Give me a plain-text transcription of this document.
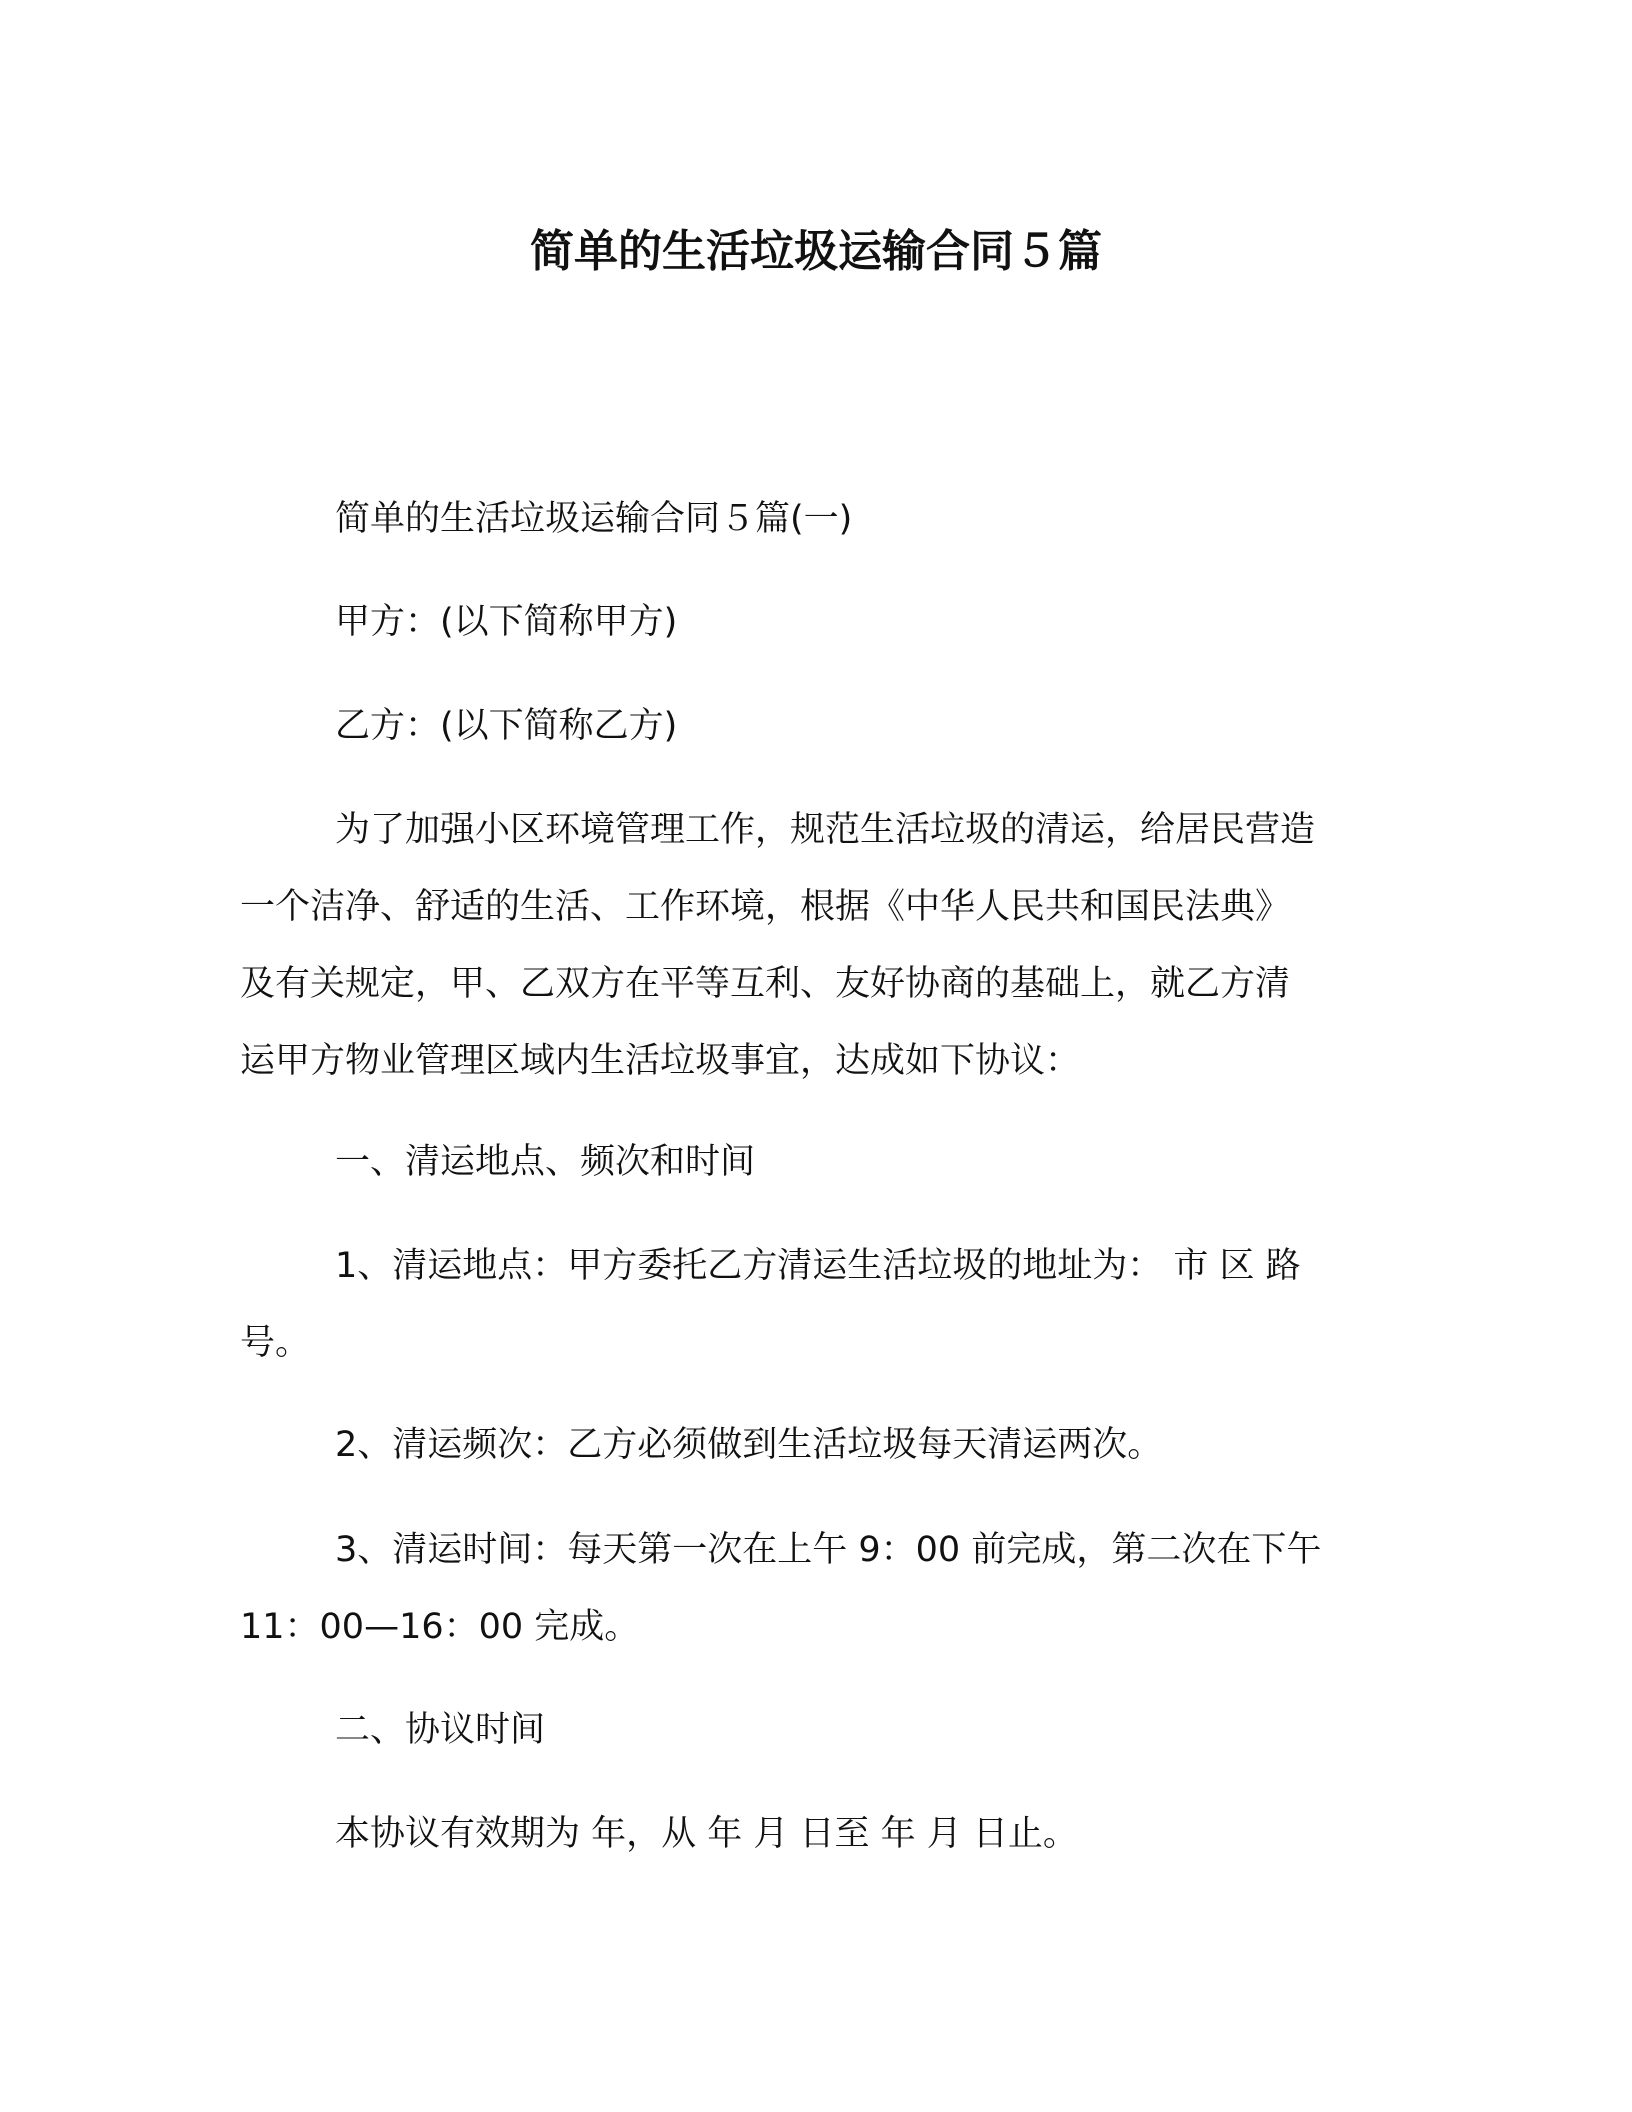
简单的生活垃圾运输合同５篇

简单的生活垃圾运输合同５篇(一)

甲方：(以下简称甲方)

乙方：(以下简称乙方)

为了加强小区环境管理工作，规范生活垃圾的清运，给居民营造
一个洁净、舒适的生活、工作环境，根据《中华人民共和国民法典》
及有关规定，甲、乙双方在平等互利、友好协商的基础上，就乙方清
运甲方物业管理区域内生活垃圾事宜，达成如下协议：

一、清运地点、频次和时间

1、清运地点：甲方委托乙方清运生活垃圾的地址为： 市 区 路
号。

2、清运频次：乙方必须做到生活垃圾每天清运两次。

3、清运时间：每天第一次在上午 9：00 前完成，第二次在下午
11：00—16：00 完成。

二、协议时间

本协议有效期为 年，从 年 月 日至 年 月 日止。
